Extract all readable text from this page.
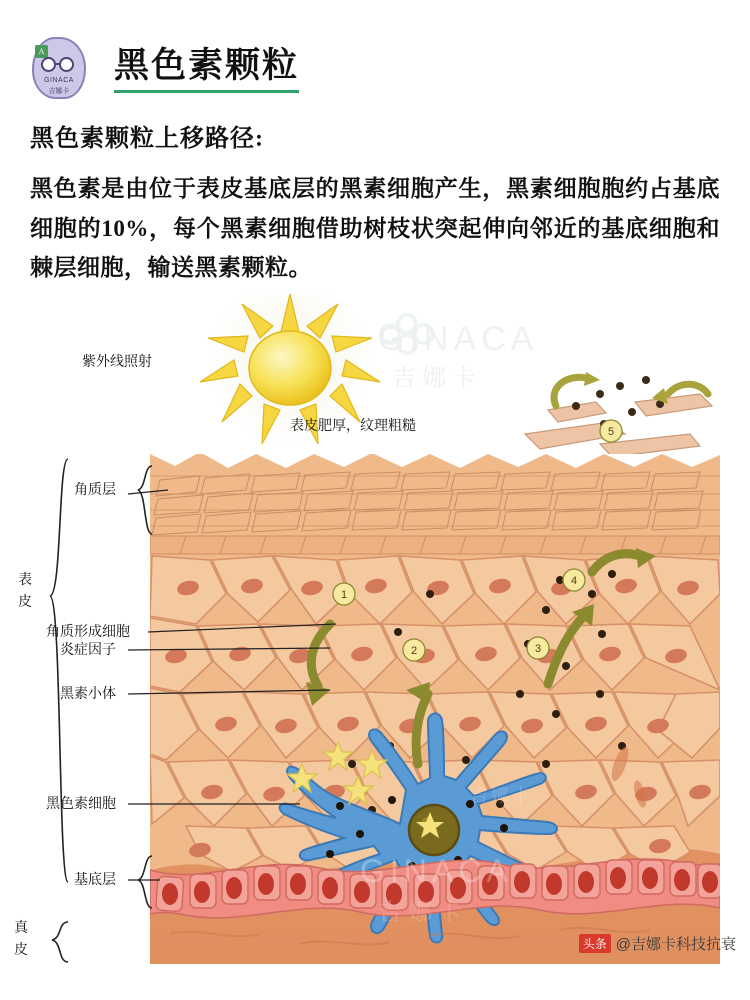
A
GINACA
吉娜卡
黑色素颗粒
黑色素颗粒上移路径:
黑色素是由位于表皮基底层的黑素细胞产生，黑素细胞胞约占基底细胞的10%，每个黑素细胞借助树枝状突起伸向邻近的基底细胞和棘层细胞，输送黑素颗粒。
1
2	3
4
5
紫外线照射
表皮肥厚，纹理粗糙
角质层
表
皮
角质形成细胞
炎症因子
黑素小体
黑色素细胞
基底层
真
皮
GINACA
吉娜卡
GINACA
吉娜卡
吉娜卡
头条 @吉娜卡科技抗衰
